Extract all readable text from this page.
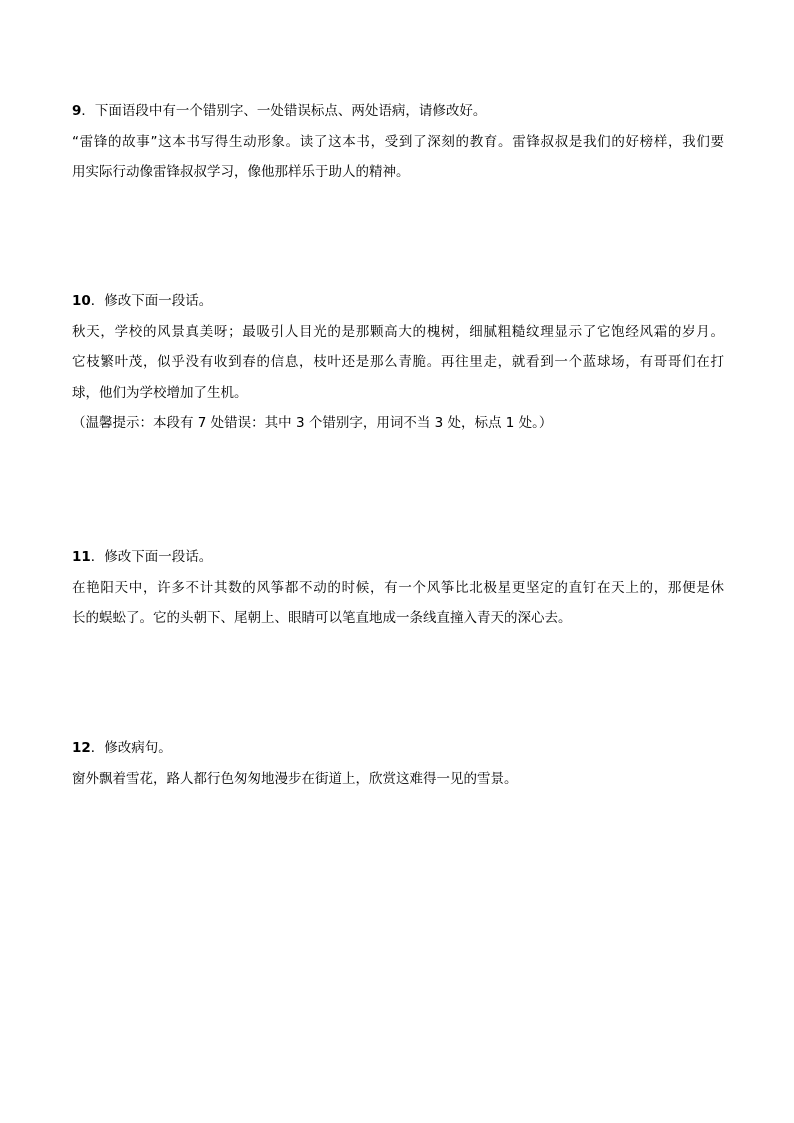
9．下面语段中有一个错别字、一处错误标点、两处语病，请修改好。
“雷锋的故事”这本书写得生动形象。读了这本书，受到了深刻的教育。雷锋叔叔是我们的好榜样，我们要
用实际行动像雷锋叔叔学习，像他那样乐于助人的精神。
10．修改下面一段话。
秋天，学校的风景真美呀；最吸引人目光的是那颗高大的槐树，细腻粗糙纹理显示了它饱经风霜的岁月。
它枝繁叶茂，似乎没有收到春的信息，枝叶还是那么青脆。再往里走，就看到一个蓝球场，有哥哥们在打
球，他们为学校增加了生机。
（温馨提示：本段有 7 处错误：其中 3 个错别字，用词不当 3 处，标点 1 处。）
11．修改下面一段话。
在艳阳天中，许多不计其数的风筝都不动的时候，有一个风筝比北极星更坚定的直钉在天上的，那便是休
长的蜈蚣了。它的头朝下、尾朝上、眼睛可以笔直地成一条线直撞入青天的深心去。
12．修改病句。
窗外飘着雪花，路人都行色匆匆地漫步在街道上，欣赏这难得一见的雪景。
